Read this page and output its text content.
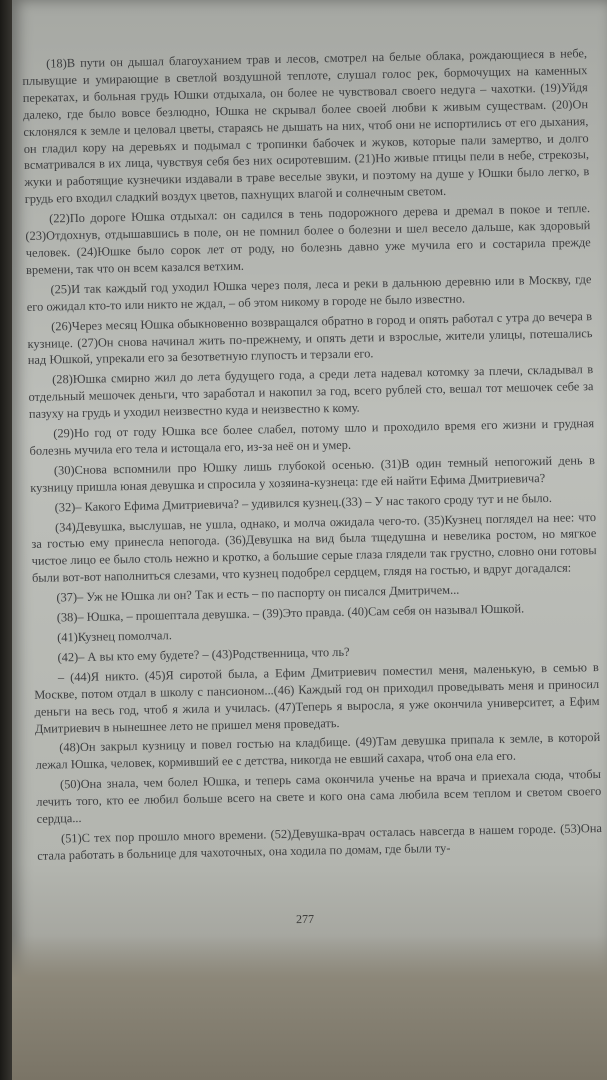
(18)В пути он дышал благоуханием трав и лесов, смотрел на белые облака, рождающиеся в небе, плывущие и умирающие в светлой воздушной теплоте, слушал голос рек, бормочущих на каменных перекатах, и больная грудь Юшки отдыхала, он более не чувствовал своего недуга – чахотки. (19)Уйдя далеко, где было вовсе безлюдно, Юшка не скрывал более своей любви к живым существам. (20)Он склонялся к земле и целовал цветы, стараясь не дышать на них, чтоб они не испортились от его дыхания, он гладил кору на деревьях и подымал с тропинки бабочек и жуков, которые пали замертво, и долго всматривался в их лица, чувствуя себя без них осиротевшим. (21)Но живые птицы пели в небе, стрекозы, жуки и работящие кузнечики издавали в траве веселые звуки, и поэтому на душе у Юшки было легко, в грудь его входил сладкий воздух цветов, пахнущих влагой и солнечным светом.

(22)По дороге Юшка отдыхал: он садился в тень подорожного дерева и дремал в покое и тепле. (23)Отдохнув, отдышавшись в поле, он не помнил более о болезни и шел весело дальше, как здоровый человек. (24)Юшке было сорок лет от роду, но болезнь давно уже мучила его и состарила прежде времени, так что он всем казался ветхим.

(25)И так каждый год уходил Юшка через поля, леса и реки в дальнюю деревню или в Москву, где его ожидал кто-то или никто не ждал, – об этом никому в городе не было известно.

(26)Через месяц Юшка обыкновенно возвращался обратно в город и опять работал с утра до вечера в кузнице. (27)Он снова начинал жить по-прежнему, и опять дети и взрослые, жители улицы, потешались над Юшкой, упрекали его за безответную глупость и терзали его.

(28)Юшка смирно жил до лета будущего года, а среди лета надевал котомку за плечи, складывал в отдельный мешочек деньги, что заработал и накопил за год, всего рублей сто, вешал тот мешочек себе за пазуху на грудь и уходил неизвестно куда и неизвестно к кому.

(29)Но год от году Юшка все более слабел, потому шло и проходило время его жизни и грудная болезнь мучила его тела и истощала его, из-за неё он и умер.

(30)Снова вспомнили про Юшку лишь глубокой осенью. (31)В один темный непогожий день в кузницу пришла юная девушка и спросила у хозяина-кузнеца: где ей найти Ефима Дмитриевича?

(32)– Какого Ефима Дмитриевича? – удивился кузнец.(33) – У нас такого сроду тут и не было.

(34)Девушка, выслушав, не ушла, однако, и молча ожидала чего-то. (35)Кузнец поглядел на нее: что за гостью ему принесла непогода. (36)Девушка на вид была тщедушна и невелика ростом, но мягкое чистое лицо ее было столь нежно и кротко, а большие серые глаза глядели так грустно, словно они готовы были вот-вот наполниться слезами, что кузнец подобрел сердцем, глядя на гостью, и вдруг догадался:

(37)– Уж не Юшка ли он? Так и есть – по паспорту он писался Дмитричем...

(38)– Юшка, – прошептала девушка. – (39)Это правда. (40)Сам себя он называл Юшкой.

(41)Кузнец помолчал.

(42)– А вы кто ему будете? – (43)Родственница, что ль?

– (44)Я никто. (45)Я сиротой была, а Ефим Дмитриевич поместил меня, маленькую, в семью в Москве, потом отдал в школу с пансионом...(46) Каждый год он приходил проведывать меня и приносил деньги на весь год, чтоб я жила и училась. (47)Теперь я выросла, я уже окончила университет, а Ефим Дмитриевич в нынешнее лето не пришел меня проведать.

(48)Он закрыл кузницу и повел гостью на кладбище. (49)Там девушка припала к земле, в которой лежал Юшка, человек, кормивший ее с детства, никогда не евший сахара, чтоб она ела его.

(50)Она знала, чем болел Юшка, и теперь сама окончила ученье на врача и приехала сюда, чтобы лечить того, кто ее любил больше всего на свете и кого она сама любила всем теплом и светом своего сердца...

(51)С тех пор прошло много времени. (52)Девушка-врач осталась навсегда в нашем городе. (53)Она стала работать в больнице для чахоточных, она ходила по домам, где были ту-

277
